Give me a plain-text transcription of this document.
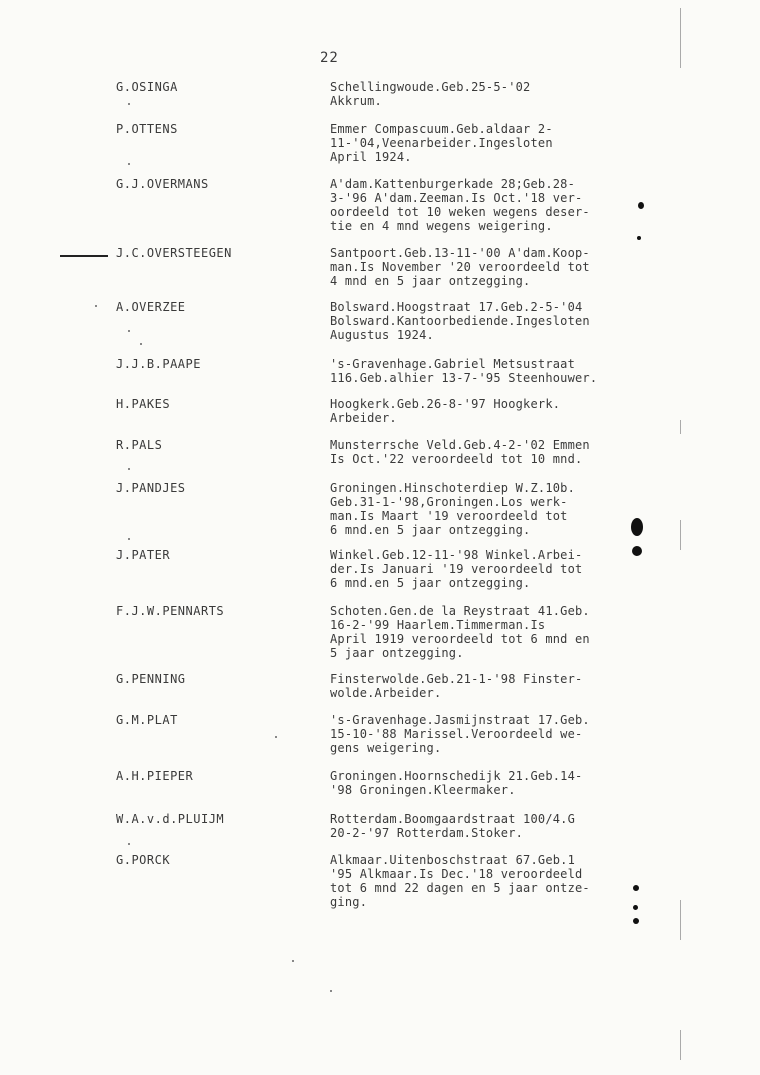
22
G.OSINGA	Schellingwoude.Geb.25-5-'02
Akkrum.
P.OTTENS	Emmer Compascuum.Geb.aldaar 2-
11-'04,Veenarbeider.Ingesloten
April 1924.
G.J.OVERMANS	A'dam.Kattenburgerkade 28;Geb.28-
3-'96 A'dam.Zeeman.Is Oct.'18 ver-
oordeeld tot 10 weken wegens deser-
tie en 4 mnd wegens weigering.
J.C.OVERSTEEGEN	Santpoort.Geb.13-11-'00 A'dam.Koop-
man.Is November '20 veroordeeld tot
4 mnd en 5 jaar ontzegging.
A.OVERZEE	Bolsward.Hoogstraat 17.Geb.2-5-'04
Bolsward.Kantoorbediende.Ingesloten
Augustus 1924.
J.J.B.PAAPE	's-Gravenhage.Gabriel Metsustraat
116.Geb.alhier 13-7-'95 Steenhouwer.
H.PAKES	Hoogkerk.Geb.26-8-'97 Hoogkerk.
Arbeider.
R.PALS	Munsterrsche Veld.Geb.4-2-'02 Emmen
Is Oct.'22 veroordeeld tot 10 mnd.
J.PANDJES	Groningen.Hinschoterdiep W.Z.10b.
Geb.31-1-'98,Groningen.Los werk-
man.Is Maart '19 veroordeeld tot
6 mnd.en 5 jaar ontzegging.
J.PATER	Winkel.Geb.12-11-'98 Winkel.Arbei-
der.Is Januari '19 veroordeeld tot
6 mnd.en 5 jaar ontzegging.
F.J.W.PENNARTS	Schoten.Gen.de la Reystraat 41.Geb.
16-2-'99 Haarlem.Timmerman.Is
April 1919 veroordeeld tot 6 mnd en
5 jaar ontzegging.
G.PENNING	Finsterwolde.Geb.21-1-'98 Finster-
wolde.Arbeider.
G.M.PLAT	's-Gravenhage.Jasmijnstraat 17.Geb.
15-10-'88 Marissel.Veroordeeld we-
gens weigering.
A.H.PIEPER	Groningen.Hoornschedijk 21.Geb.14-
'98 Groningen.Kleermaker.
W.A.v.d.PLUIJM	Rotterdam.Boomgaardstraat 100/4.G
20-2-'97 Rotterdam.Stoker.
G.PORCK	Alkmaar.Uitenboschstraat 67.Geb.1
'95 Alkmaar.Is Dec.'18 veroordeeld
tot 6 mnd 22 dagen en 5 jaar ontze-
ging.
